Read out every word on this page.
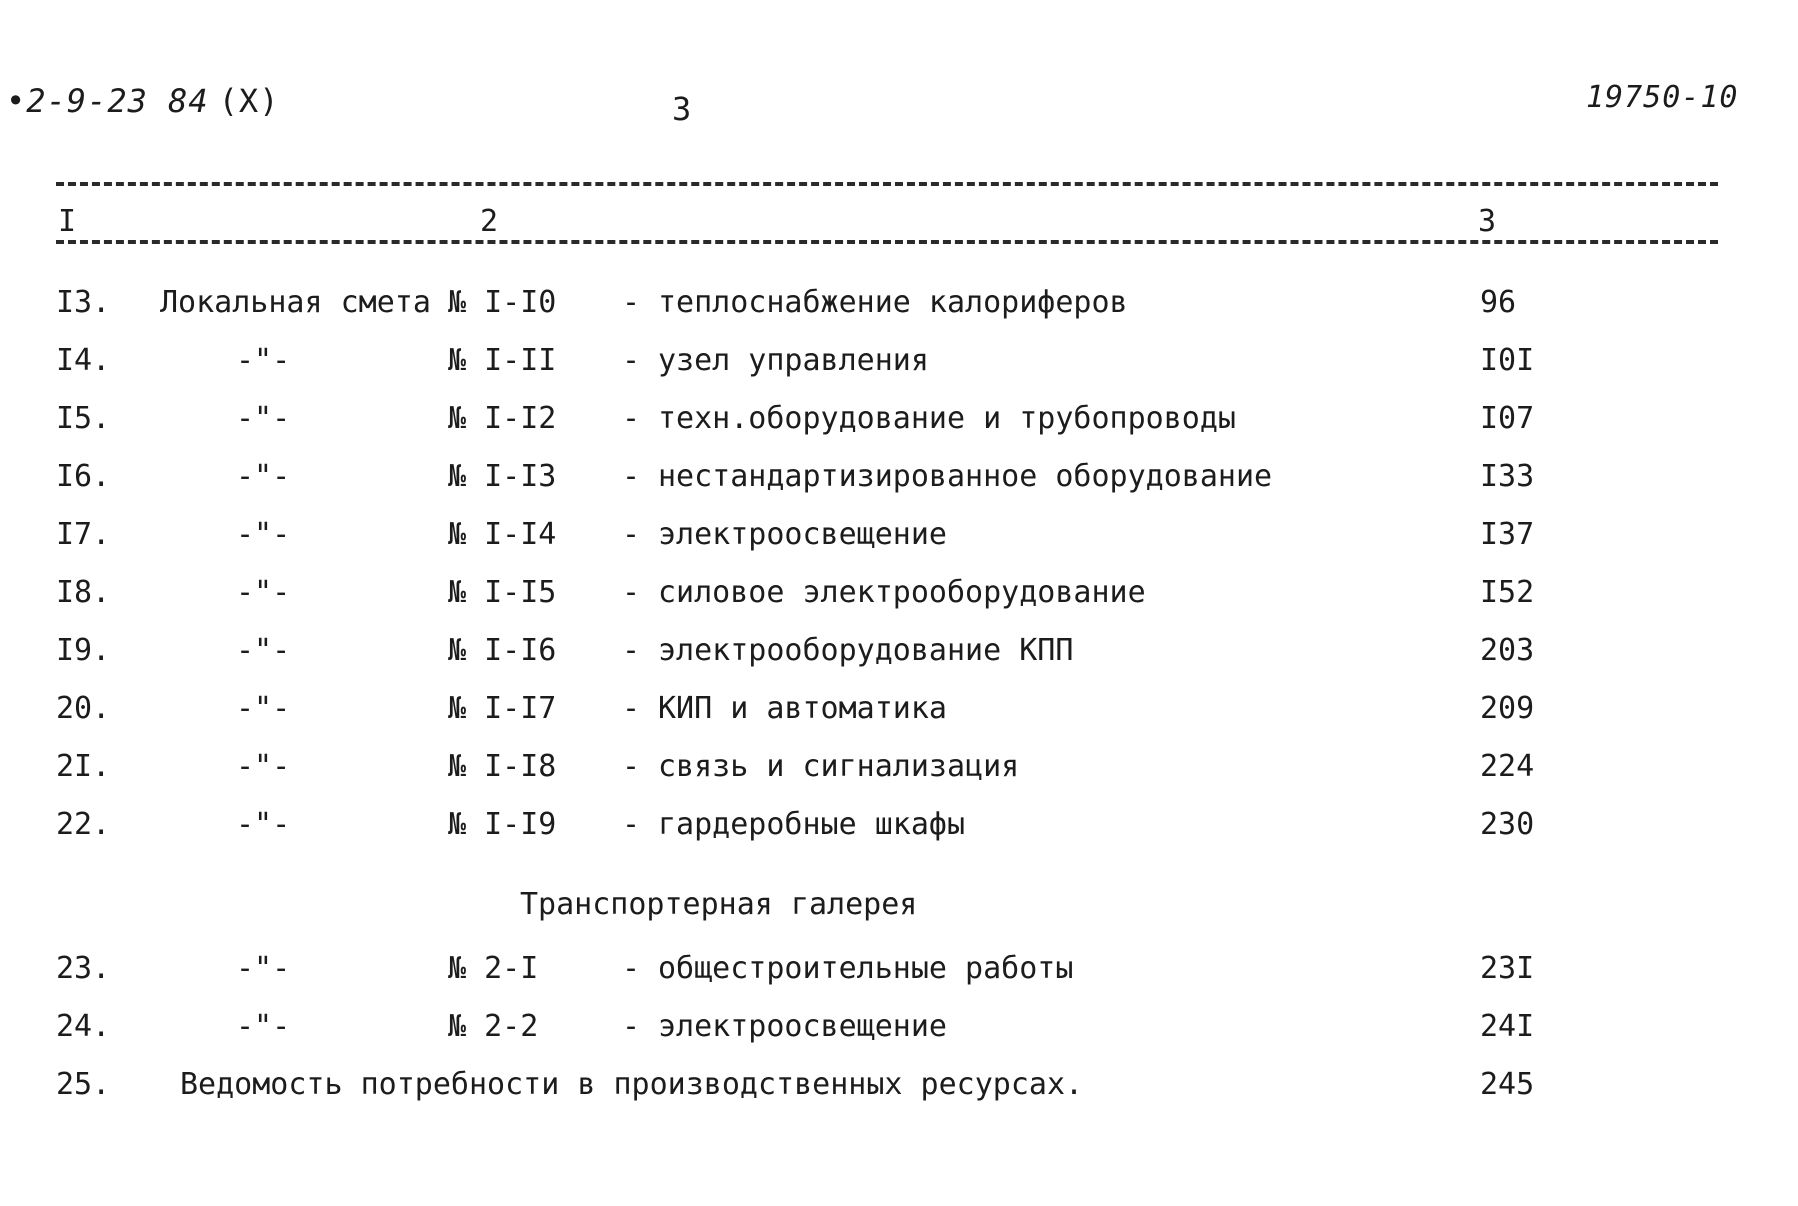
•2-9-23 84 (X)	3	19750-10
I	2	3
I3. Локальная смета № I-I0 - теплоснабжение калориферов	96
I4.	-"-	№ I-II - узел управления	I0I
I5.	-"-	№ I-I2 - техн.оборудование и трубопроводы	I07
I6.	-"-	№ I-I3 - нестандартизированное оборудование	I33
I7.	-"-	№ I-I4 - электроосвещение	I37
I8.	-"-	№ I-I5 - силовое электрооборудование	I52
I9.	-"-	№ I-I6 - электрооборудование КПП	203
20.	-"-	№ I-I7 - КИП и автоматика	209
2I.	-"-	№ I-I8 - связь и сигнализация	224
22.	-"-	№ I-I9 - гардеробные шкафы	230
Транспортерная галерея
23.	-"-	№ 2-I	- общестроительные работы	23I
24.	-"-	№ 2-2	- электроосвещение	24I
25. Ведомость потребности в производственных ресурсах.	245
